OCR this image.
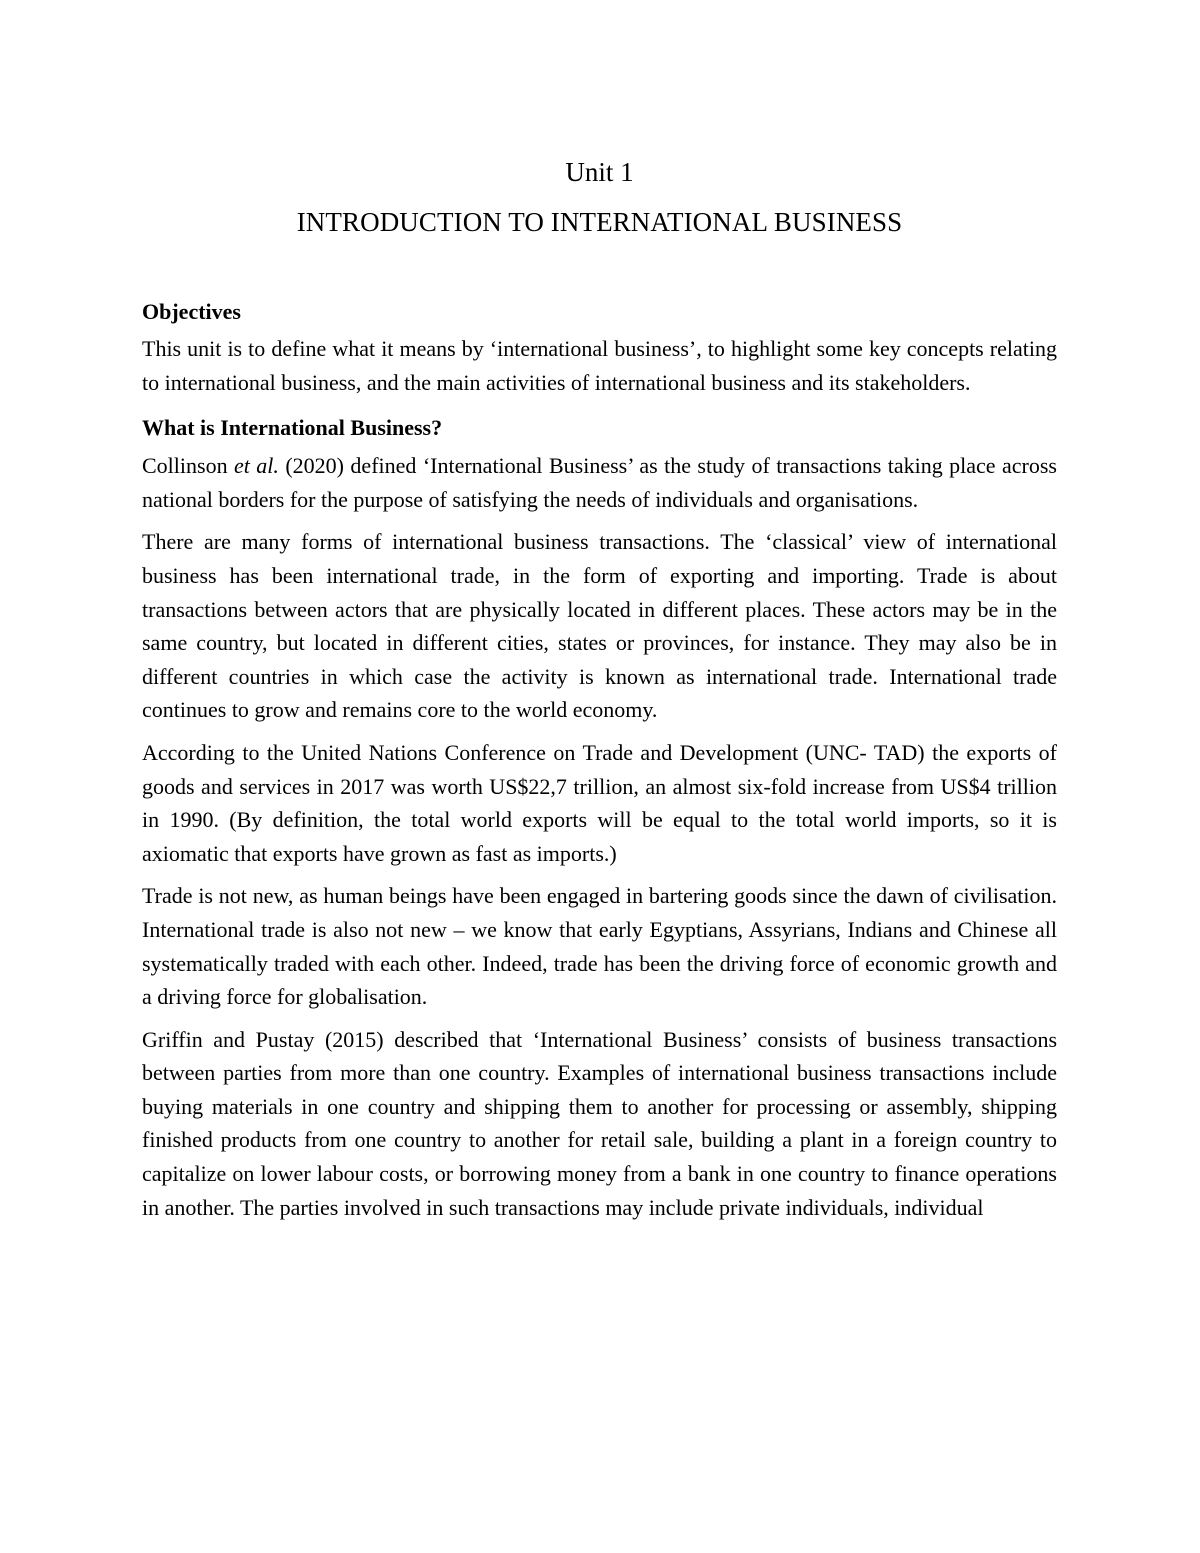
Unit 1
INTRODUCTION TO INTERNATIONAL BUSINESS
Objectives

This unit is to define what it means by ‘international business’, to highlight some key concepts relating to international business, and the main activities of international business and its stakeholders.

What is International Business?

Collinson et al. (2020) defined ‘International Business’ as the study of transactions taking place across national borders for the purpose of satisfying the needs of individuals and organisations.

There are many forms of international business transactions. The ‘classical’ view of international business has been international trade, in the form of exporting and importing. Trade is about transactions between actors that are physically located in different places. These actors may be in the same country, but located in different cities, states or provinces, for instance. They may also be in different countries in which case the activity is known as international trade. International trade continues to grow and remains core to the world economy.

According to the United Nations Conference on Trade and Development (UNC- TAD) the exports of goods and services in 2017 was worth US$22,7 trillion, an almost six-fold increase from US$4 trillion in 1990. (By definition, the total world exports will be equal to the total world imports, so it is axiomatic that exports have grown as fast as imports.)

Trade is not new, as human beings have been engaged in bartering goods since the dawn of civilisation. International trade is also not new – we know that early Egyptians, Assyrians, Indians and Chinese all systematically traded with each other. Indeed, trade has been the driving force of economic growth and a driving force for globalisation.

Griffin and Pustay (2015) described that ‘International Business’ consists of business transactions between parties from more than one country. Examples of international business transactions include buying materials in one country and shipping them to another for processing or assembly, shipping finished products from one country to another for retail sale, building a plant in a foreign country to capitalize on lower labour costs, or borrowing money from a bank in one country to finance operations in another. The parties involved in such transactions may include private individuals, individual
